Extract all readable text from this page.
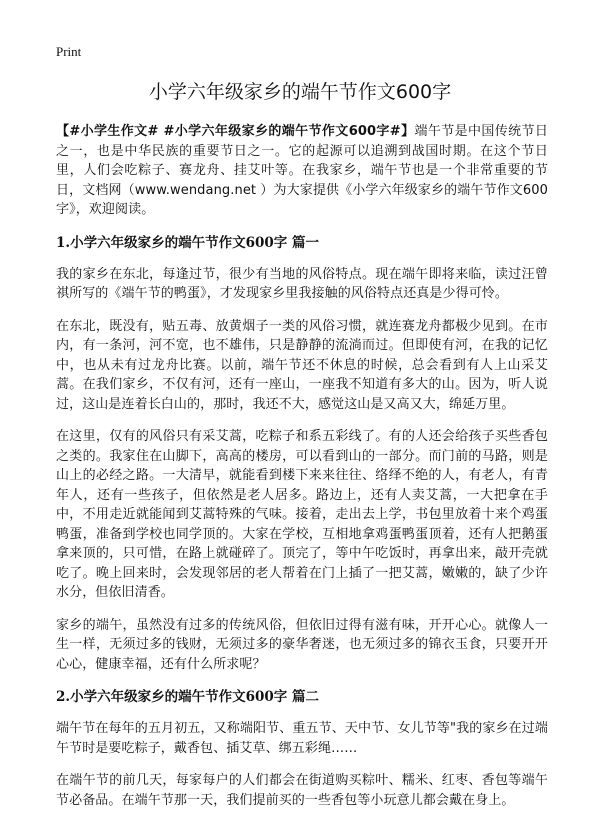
Print
小学六年级家乡的端午节作文600字

【#小学生作文# #小学六年级家乡的端午节作文600字#】端午节是中国传统节日之一，也是中华民族的重要节日之一。它的起源可以追溯到战国时期。在这个节日里，人们会吃粽子、赛龙舟、挂艾叶等。在我家乡，端午节也是一个非常重要的节日，文档网（www.wendang.net ）为大家提供《小学六年级家乡的端午节作文600字》，欢迎阅读。

1.小学六年级家乡的端午节作文600字 篇一

我的家乡在东北，每逢过节，很少有当地的风俗特点。现在端午即将来临，读过汪曾祺所写的《端午节的鸭蛋》，才发现家乡里我接触的风俗特点还真是少得可怜。

在东北，既没有，贴五毒、放黄烟子一类的风俗习惯，就连赛龙舟都极少见到。在市内，有一条河，河不宽，也不雄伟，只是静静的流淌而过。但即使有河，在我的记忆中，也从未有过龙舟比赛。以前，端午节还不休息的时候，总会看到有人上山采艾蒿。在我们家乡，不仅有河，还有一座山，一座我不知道有多大的山。因为，听人说过，这山是连着长白山的，那时，我还不大，感觉这山是又高又大，绵延万里。

在这里，仅有的风俗只有采艾蒿，吃粽子和系五彩线了。有的人还会给孩子买些香包之类的。我家住在山脚下，高高的楼房，可以看到山的一部分。而门前的马路，则是山上的必经之路。一大清早，就能看到楼下来来往往、络绎不绝的人，有老人，有青年人，还有一些孩子，但依然是老人居多。路边上，还有人卖艾蒿，一大把拿在手中，不用走近就能闻到艾蒿特殊的气味。接着，走出去上学，书包里放着十来个鸡蛋鸭蛋，准备到学校也同学顶的。大家在学校，互相地拿鸡蛋鸭蛋顶着，还有人把鹅蛋拿来顶的，只可惜，在路上就碰碎了。顶完了，等中午吃饭时，再拿出来，敲开壳就吃了。晚上回来时，会发现邻居的老人帮着在门上插了一把艾蒿，嫩嫩的，缺了少许水分，但依旧清香。

家乡的端午，虽然没有过多的传统风俗，但依旧过得有滋有味，开开心心。就像人一生一样，无须过多的钱财，无须过多的豪华奢迷，也无须过多的锦衣玉食，只要开开心心，健康幸福，还有什么所求呢？

2.小学六年级家乡的端午节作文600字 篇二

端午节在每年的五月初五，又称端阳节、重五节、天中节、女儿节等"我的家乡在过端午节时是要吃粽子，戴香包、插艾草、绑五彩绳……

在端午节的前几天，每家每户的人们都会在街道购买粽叶、糯米、红枣、香包等端午节必备品。在端午节那一天，我们提前买的一些香包等小玩意儿都会戴在身上。
